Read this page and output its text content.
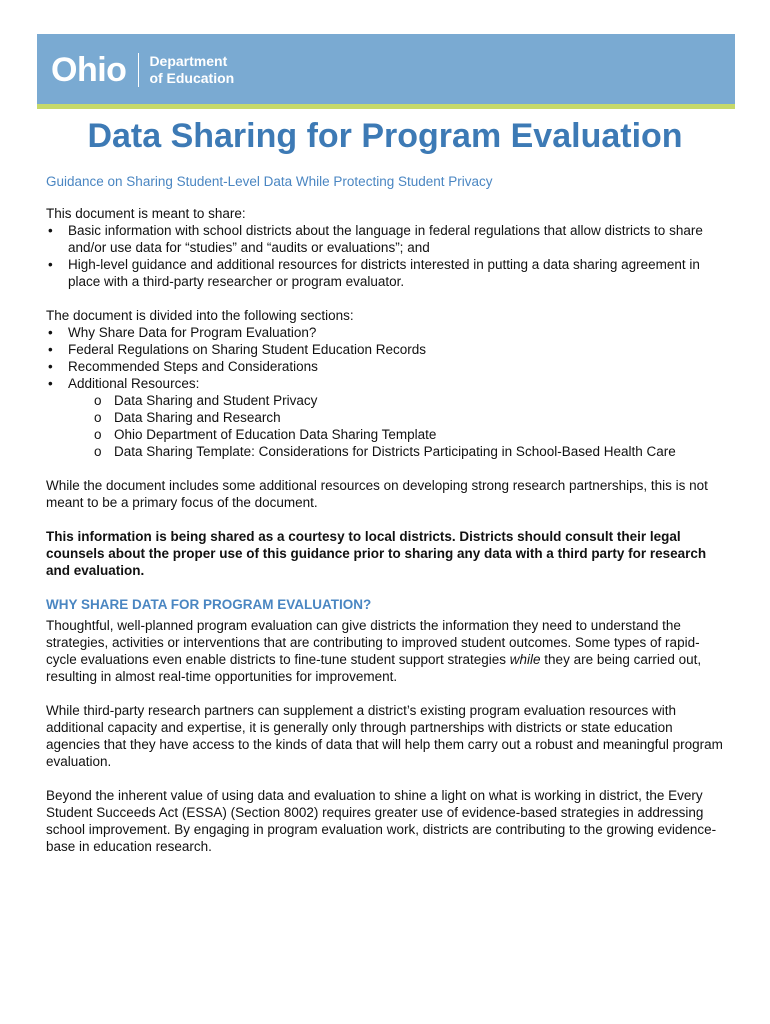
Ohio Department
of Education
Data Sharing for Program Evaluation

Guidance on Sharing Student-Level Data While Protecting Student Privacy

This document is meant to share:

• Basic information with school districts about the language in federal regulations that allow districts to share and/or use data for “studies” and “audits or evaluations”; and
• High-level guidance and additional resources for districts interested in putting a data sharing agreement in place with a third-party researcher or program evaluator.

The document is divided into the following sections:

• Why Share Data for Program Evaluation?
• Federal Regulations on Sharing Student Education Records
• Recommended Steps and Considerations
• Additional Resources:
o Data Sharing and Student Privacy
o Data Sharing and Research
o Ohio Department of Education Data Sharing Template
o Data Sharing Template: Considerations for Districts Participating in School-Based Health Care

While the document includes some additional resources on developing strong research partnerships, this is not meant to be a primary focus of the document.

This information is being shared as a courtesy to local districts. Districts should consult their legal counsels about the proper use of this guidance prior to sharing any data with a third party for research and evaluation.

WHY SHARE DATA FOR PROGRAM EVALUATION?

Thoughtful, well-planned program evaluation can give districts the information they need to understand the strategies, activities or interventions that are contributing to improved student outcomes. Some types of rapid-cycle evaluations even enable districts to fine-tune student support strategies while they are being carried out, resulting in almost real-time opportunities for improvement.

While third-party research partners can supplement a district’s existing program evaluation resources with additional capacity and expertise, it is generally only through partnerships with districts or state education agencies that they have access to the kinds of data that will help them carry out a robust and meaningful program evaluation.

Beyond the inherent value of using data and evaluation to shine a light on what is working in district, the Every Student Succeeds Act (ESSA) (Section 8002) requires greater use of evidence-based strategies in addressing school improvement. By engaging in program evaluation work, districts are contributing to the growing evidence-base in education research.
